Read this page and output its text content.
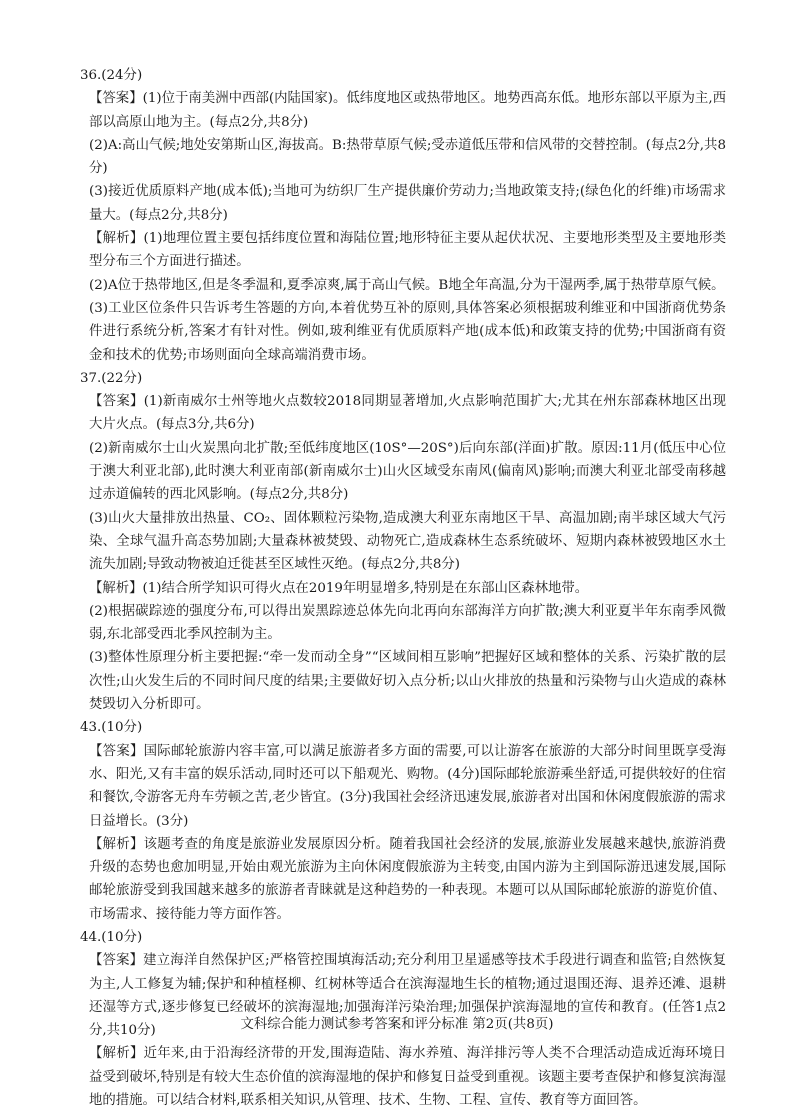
36.(24分)

【答案】(1)位于南美洲中西部(内陆国家)。低纬度地区或热带地区。地势西高东低。地形东部以平原为主,西部以高原山地为主。(每点2分,共8分)

(2)A:高山气候;地处安第斯山区,海拔高。B:热带草原气候;受赤道低压带和信风带的交替控制。(每点2分,共8分)

(3)接近优质原料产地(成本低);当地可为纺织厂生产提供廉价劳动力;当地政策支持;(绿色化的纤维)市场需求量大。(每点2分,共8分)

【解析】(1)地理位置主要包括纬度位置和海陆位置;地形特征主要从起伏状况、主要地形类型及主要地形类型分布三个方面进行描述。

(2)A位于热带地区,但是冬季温和,夏季凉爽,属于高山气候。B地全年高温,分为干湿两季,属于热带草原气候。

(3)工业区位条件只告诉考生答题的方向,本着优势互补的原则,具体答案必须根据玻利维亚和中国浙商优势条件进行系统分析,答案才有针对性。例如,玻利维亚有优质原料产地(成本低)和政策支持的优势;中国浙商有资金和技术的优势;市场则面向全球高端消费市场。

37.(22分)

【答案】(1)新南威尔士州等地火点数较2018同期显著增加,火点影响范围扩大;尤其在州东部森林地区出现大片火点。(每点3分,共6分)

(2)新南威尔士山火炭黑向北扩散;至低纬度地区(10S°—20S°)后向东部(洋面)扩散。原因:11月(低压中心位于澳大利亚北部),此时澳大利亚南部(新南威尔士)山火区域受东南风(偏南风)影响;而澳大利亚北部受南移越过赤道偏转的西北风影响。(每点2分,共8分)

(3)山火大量排放出热量、CO₂、固体颗粒污染物,造成澳大利亚东南地区干旱、高温加剧;南半球区域大气污染、全球气温升高态势加剧;大量森林被焚毁、动物死亡,造成森林生态系统破坏、短期内森林被毁地区水土流失加剧;导致动物被迫迁徙甚至区域性灭绝。(每点2分,共8分)

【解析】(1)结合所学知识可得火点在2019年明显增多,特别是在东部山区森林地带。

(2)根据碳踪迹的强度分布,可以得出炭黑踪迹总体先向北再向东部海洋方向扩散;澳大利亚夏半年东南季风微弱,东北部受西北季风控制为主。

(3)整体性原理分析主要把握:“牵一发而动全身”“区域间相互影响”把握好区域和整体的关系、污染扩散的层次性;山火发生后的不同时间尺度的结果;主要做好切入点分析;以山火排放的热量和污染物与山火造成的森林焚毁切入分析即可。

43.(10分)

【答案】国际邮轮旅游内容丰富,可以满足旅游者多方面的需要,可以让游客在旅游的大部分时间里既享受海水、阳光,又有丰富的娱乐活动,同时还可以下船观光、购物。(4分)国际邮轮旅游乘坐舒适,可提供较好的住宿和餐饮,令游客无舟车劳顿之苦,老少皆宜。(3分)我国社会经济迅速发展,旅游者对出国和休闲度假旅游的需求日益增长。(3分)

【解析】该题考查的角度是旅游业发展原因分析。随着我国社会经济的发展,旅游业发展越来越快,旅游消费升级的态势也愈加明显,开始由观光旅游为主向休闲度假旅游为主转变,由国内游为主到国际游迅速发展,国际邮轮旅游受到我国越来越多的旅游者青睐就是这种趋势的一种表现。本题可以从国际邮轮旅游的游览价值、市场需求、接待能力等方面作答。

44.(10分)

【答案】建立海洋自然保护区;严格管控围填海活动;充分利用卫星遥感等技术手段进行调查和监管;自然恢复为主,人工修复为辅;保护和种植柽柳、红树林等适合在滨海湿地生长的植物;通过退围还海、退养还滩、退耕还湿等方式,逐步修复已经破坏的滨海湿地;加强海洋污染治理;加强保护滨海湿地的宣传和教育。(任答1点2分,共10分)

【解析】近年来,由于沿海经济带的开发,围海造陆、海水养殖、海洋排污等人类不合理活动造成近海环境日益受到破坏,特别是有较大生态价值的滨海湿地的保护和修复日益受到重视。该题主要考查保护和修复滨海湿地的措施。可以结合材料,联系相关知识,从管理、技术、生物、工程、宣传、教育等方面回答。

文科综合能力测试参考答案和评分标准 第2页(共8页)
